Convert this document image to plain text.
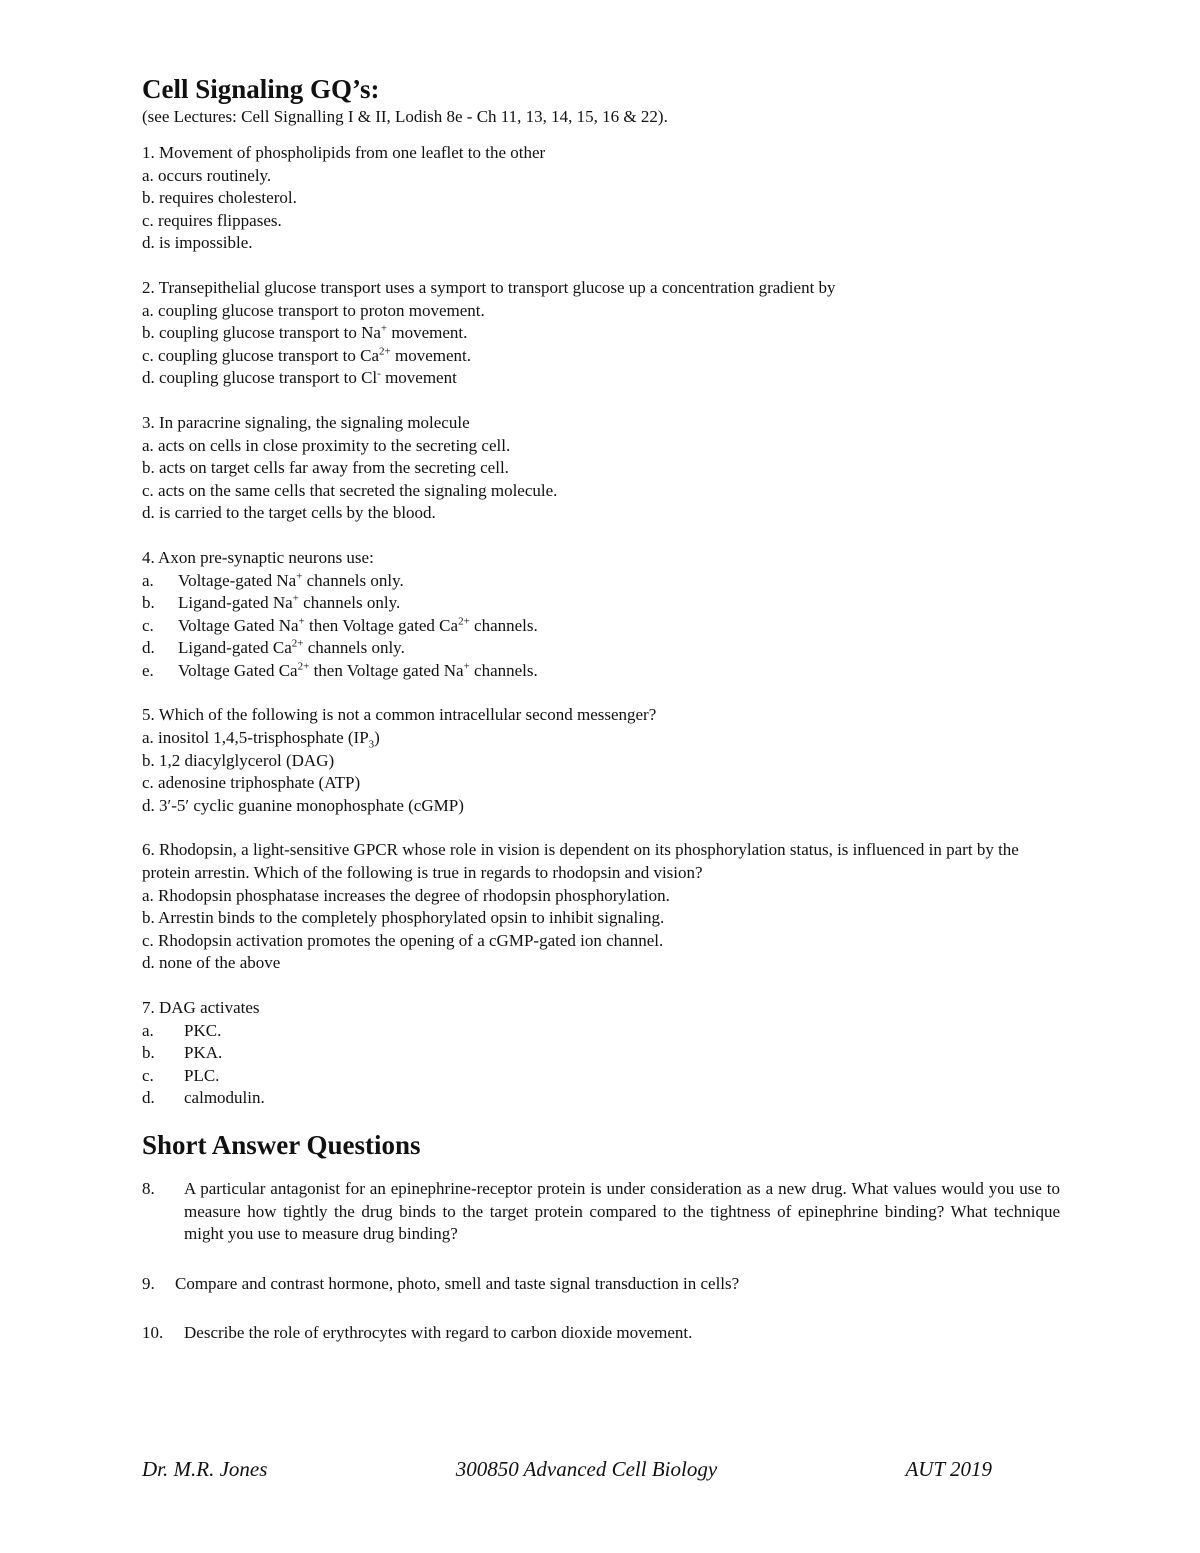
Cell Signaling GQ’s:

(see Lectures: Cell Signalling I & II, Lodish 8e - Ch 11, 13, 14, 15, 16 & 22).

1. Movement of phospholipids from one leaflet to the other

a. occurs routinely.

b. requires cholesterol.

c. requires flippases.

d. is impossible.

2. Transepithelial glucose transport uses a symport to transport glucose up a concentration gradient by

a. coupling glucose transport to proton movement.

b. coupling glucose transport to Na+ movement.

c. coupling glucose transport to $Ca^{2+}$ movement.

d. coupling glucose transport to Cl- movement

3. In paracrine signaling, the signaling molecule

a. acts on cells in close proximity to the secreting cell.

b. acts on target cells far away from the secreting cell.

c. acts on the same cells that secreted the signaling molecule.

d. is carried to the target cells by the blood.

4. Axon pre-synaptic neurons use:

a.	Voltage-gated Na+ channels only.
b.	Ligand-gated Na+ channels only.
c.	Voltage Gated Na+ then Voltage gated $Ca^{2+}$ channels.
d.	Ligand-gated $Ca^{2+}$ channels only.
e.	Voltage Gated $Ca^{2+}$ then Voltage gated Na+ channels.

5. Which of the following is not a common intracellular second messenger?

a. inositol 1,4,5-trisphosphate $(IP_3)$

b. 1,2 diacylglycerol (DAG)

c. adenosine triphosphate (ATP)

d. 3′-5′ cyclic guanine monophosphate (cGMP)

6. Rhodopsin, a light-sensitive GPCR whose role in vision is dependent on its phosphorylation status, is influenced in part by the protein arrestin. Which of the following is true in regards to rhodopsin and vision?

a. Rhodopsin phosphatase increases the degree of rhodopsin phosphorylation.

b. Arrestin binds to the completely phosphorylated opsin to inhibit signaling.

c. Rhodopsin activation promotes the opening of a cGMP-gated ion channel.

d. none of the above

7. DAG activates

a.	PKC.
b.	PKA.
c.	PLC.
d.	calmodulin.
Short Answer Questions
8.	A particular antagonist for an epinephrine-receptor protein is under consideration as a new drug. What values would you use to measure how tightly the drug binds to the target protein compared to the tightness of epinephrine binding? What technique might you use to measure drug binding?
9.	Compare and contrast hormone, photo, smell and taste signal transduction in cells?
10.	Describe the role of erythrocytes with regard to carbon dioxide movement.
Dr. M.R. Jones	300850 Advanced Cell Biology	AUT 2019
